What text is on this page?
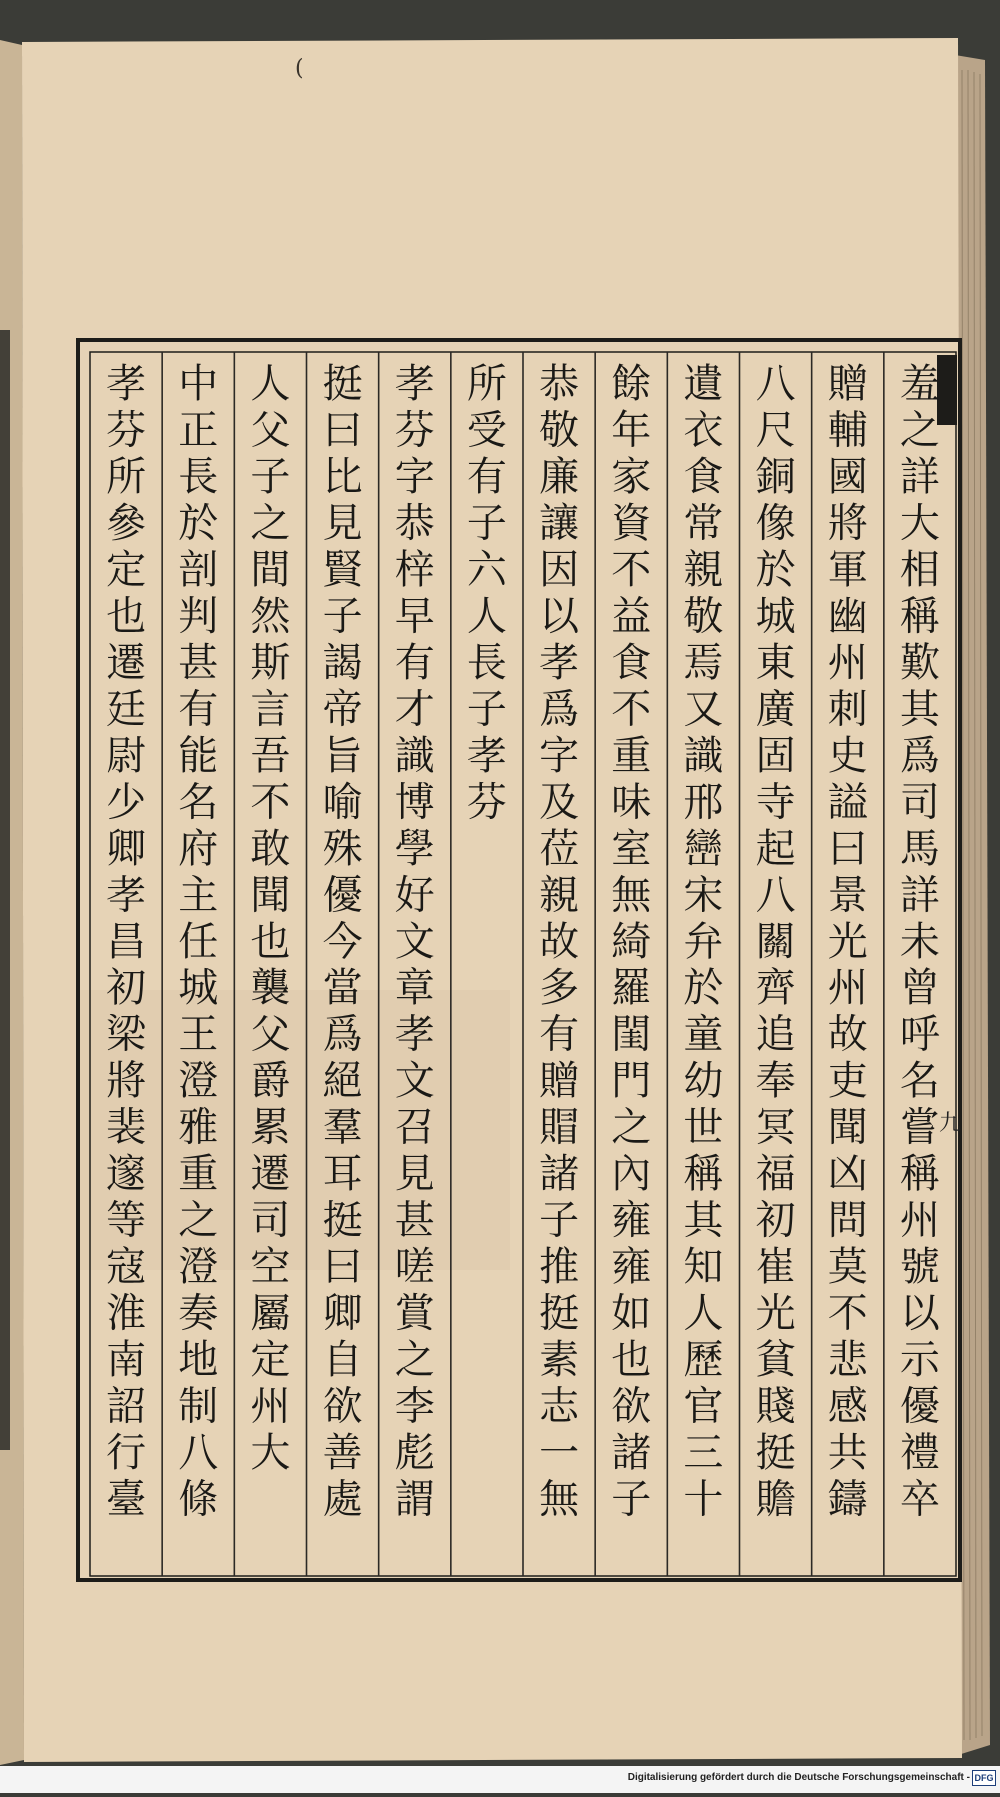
九
(
羞之詳大相稱歎其爲司馬詳未曾呼名嘗稱州號以示優禮卒
贈輔國將軍幽州刺史謚曰景光州故吏聞凶問莫不悲感共鑄
八尺銅像於城東廣固寺起八關齊追奉冥福初崔光貧賤挺贍
遺衣食常親敬焉又識邢巒宋弁於童幼世稱其知人歷官三十
餘年家資不益食不重味室無綺羅閨門之內雍雍如也欲諸子
恭敬廉讓因以孝爲字及莅親故多有贈賵諸子推挺素志一無
所受有子六人長子孝芬
孝芬字恭梓早有才識博學好文章孝文召見甚嗟賞之李彪謂
挺曰比見賢子謁帝旨喻殊優今當爲絕羣耳挺曰卿自欲善處
人父子之間然斯言吾不敢聞也襲父爵累遷司空屬定州大
中正長於剖判甚有能名府主任城王澄雅重之澄奏地制八條
孝芬所參定也遷廷尉少卿孝昌初梁將裴邃等寇淮南詔行臺
Digitalisierung gefördert durch die Deutsche Forschungsgemeinschaft - DFG
